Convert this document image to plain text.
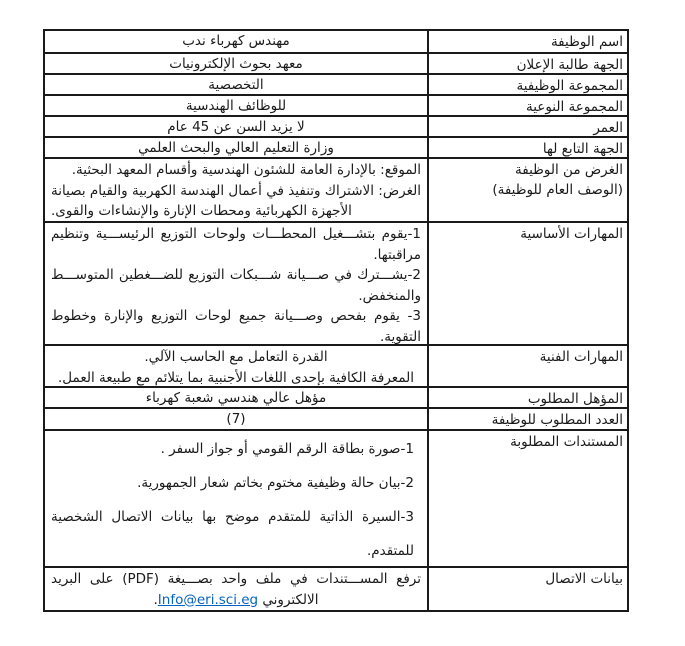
اسم الوظيفة
مهندس كهرباء ندب
الجهة طالبة الإعلان
معهد بحوث الإلكترونيات
المجموعة الوظيفية
التخصصية
المجموعة النوعية
للوظائف الهندسية
العمر
لا يزيد السن عن 45 عام
الجهة التابع لها
وزارة التعليم العالي والبحث العلمي
الغرض من الوظيفة
(الوصف العام للوظيفة)
الموقع: بالإدارة العامة للشئون الهندسية وأقسام المعهد البحثية.
الغرض: الاشتراك وتنفيذ في أعمال الهندسة الكهربية والقيام بصيانة
الأجهزة الكهربائية ومحطات الإنارة والإنشاءات والقوى.
المهارات الأساسية
1-يقوم بتشـــغيل المحطـــات ولوحات التوزيع الرئيســـية وتنظيم
مراقبتها.
2-يشـــترك في صـــيانة شـــبكات التوزيع للضـــغطين المتوســـط
والمنخفض.
3- يقوم بفحص وصـــيانة جميع لوحات التوزيع والإنارة وخطوط
التقوية.
المهارات الفنية
القدرة التعامل مع الحاسب الآلي.
المعرفة الكافية بإحدى اللغات الأجنبية بما يتلائم مع طبيعة العمل.
المؤهل المطلوب
مؤهل عالي هندسي شعبة كهرباء
العدد المطلوب للوظيفة
(7)
المستندات المطلوبة
1-صورة بطاقة الرقم القومي أو جواز السفر .
2-بيان حالة وظيفية مختوم بخاتم شعار الجمهورية.
3-السيرة الذاتية للمتقدم موضح بها بيانات الاتصال الشخصية
للمتقدم.
بيانات الاتصال
ترفع المســـتندات في ملف واحد بصـــيغة (PDF) على البريد
الالكتروني Info@eri.sci.eg.
